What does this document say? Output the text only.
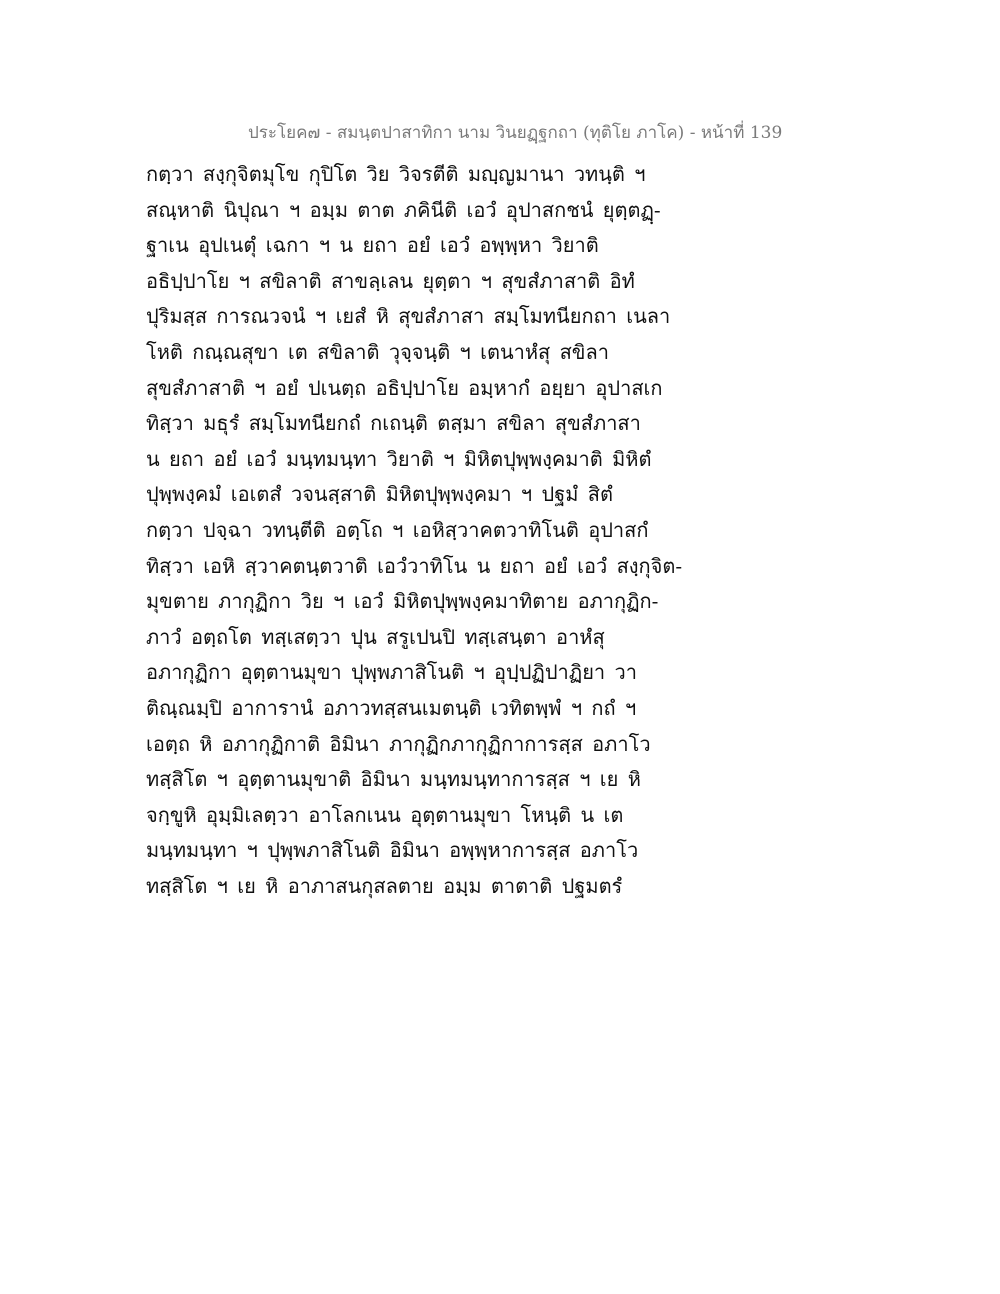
ประโยค๗ - สมนฺตปาสาทิกา นาม วินยฏฺฐกถา (ทุติโย ภาโค) - หน้าที่ 139
กตฺวา สงฺกุจิตมุโข กุปิโต วิย วิจรตีติ มญฺญมานา วทนฺติ ฯ
สณฺหาติ นิปุณา ฯ อมฺม ตาต ภคินีติ เอวํ อุปาสกชนํ ยุตฺตฏฺ-
ฐาเน อุปเนตุํ เฉกา ฯ น ยถา อยํ เอวํ อพฺพฺหา วิยาติ
อธิปฺปาโย ฯ สขิลาติ สาขลฺเลน ยุตฺตา ฯ สุขสํภาสาติ อิทํ
ปุริมสฺส การณวจนํ ฯ เยสํ หิ สุขสํภาสา สมฺโมทนียกถา เนลา
โหติ กณฺณสุขา เต สขิลาติ วุจฺจนฺติ ฯ เตนาหํสุ สขิลา
สุขสํภาสาติ ฯ อยํ ปเนตฺถ อธิปฺปาโย อมฺหากํ อยฺยา อุปาสเก
ทิสฺวา มธุรํ สมฺโมทนียกถํ กเถนฺติ ตสฺมา สขิลา สุขสํภาสา
น ยถา อยํ เอวํ มนฺทมนฺทา วิยาติ ฯ มิหิตปุพฺพงฺคมาติ มิหิตํ
ปุพฺพงฺคมํ เอเตสํ วจนสฺสาติ มิหิตปุพฺพงฺคมา ฯ ปฐมํ สิตํ
กตฺวา ปจฺฉา วทนฺตีติ อตฺโถ ฯ เอหิสฺวาคตวาทิโนติ อุปาสกํ
ทิสฺวา เอหิ สฺวาคตนฺตวาติ เอวํวาทิโน น ยถา อยํ เอวํ สงฺกุจิต-
มุขตาย ภากุฏิกา วิย ฯ เอวํ มิหิตปุพฺพงฺคมาทิตาย อภากุฏิก-
ภาวํ อตฺถโต ทสฺเสตฺวา ปุน สรูเปนปิ ทสฺเสนฺตา อาหํสุ
อภากุฏิกา อุตฺตานมุขา ปุพฺพภาสิโนติ ฯ อุปฺปฏิปาฏิยา วา
ติณฺณมฺปิ อาการานํ อภาวทสฺสนเมตนฺติ เวทิตพฺพํ ฯ กถํ ฯ
เอตฺถ หิ อภากุฏิกาติ อิมินา ภากุฏิกภากุฏิกาการสฺส อภาโว
ทสฺสิโต ฯ อุตฺตานมุขาติ อิมินา มนฺทมนฺทาการสฺส ฯ เย หิ
จกฺขูหิ อุมฺมิเลตฺวา อาโลกเนน อุตฺตานมุขา โหนฺติ น เต
มนฺทมนฺทา ฯ ปุพฺพภาสิโนติ อิมินา อพฺพฺหาการสฺส อภาโว
ทสฺสิโต ฯ เย หิ อาภาสนกุสลตาย อมฺม ตาตาติ ปฐมตรํ
